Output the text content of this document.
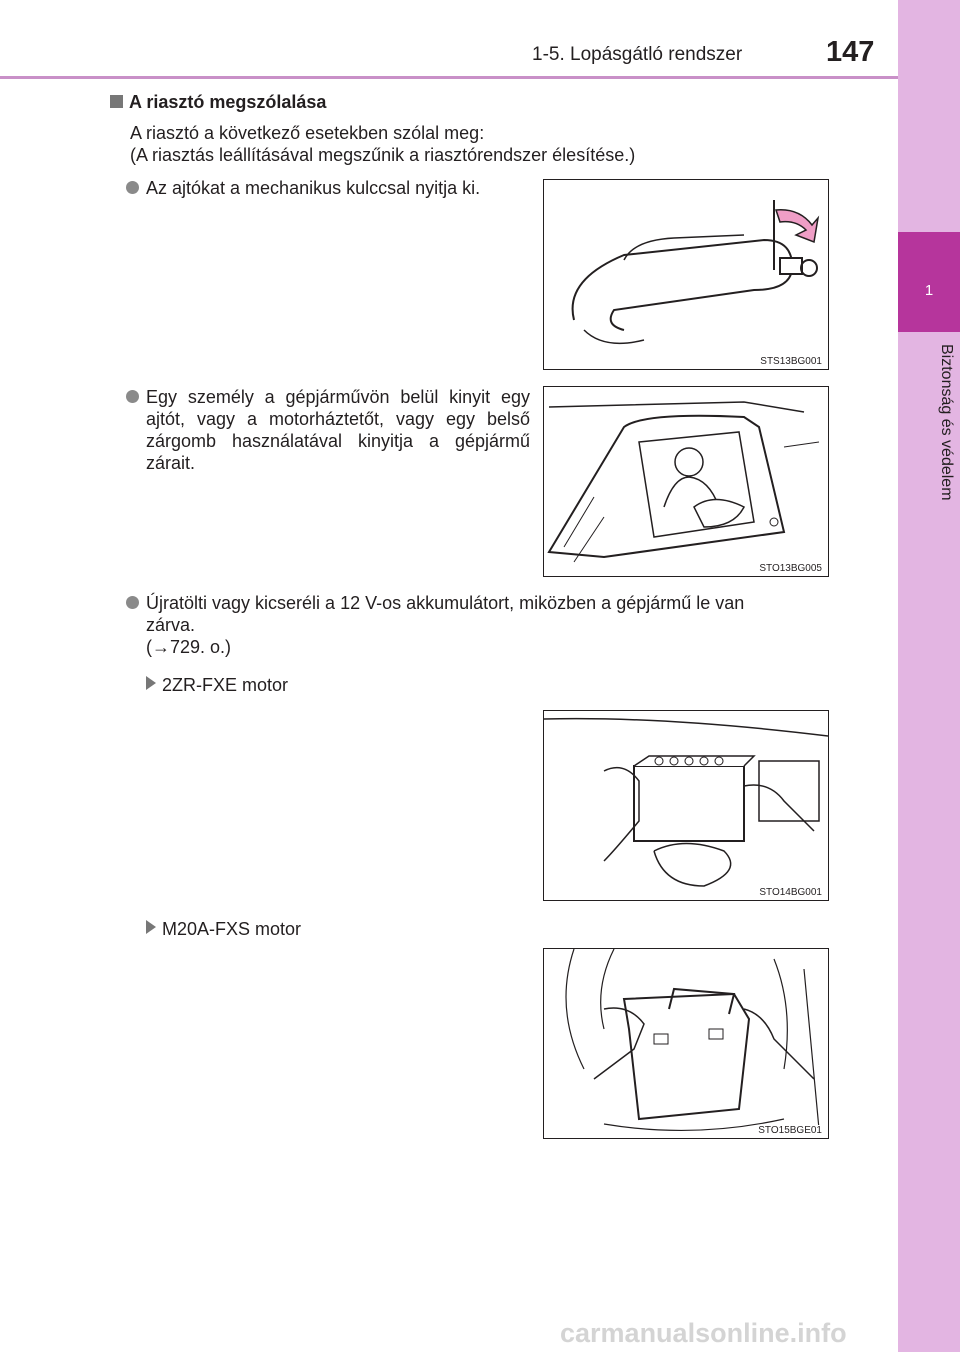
1-5. Lopásgátló rendszer	147
1
Biztonság és védelem
A riasztó megszólalása
A riasztó a következő esetekben szólal meg:
(A riasztás leállításával megszűnik a riasztórendszer élesítése.)
Az ajtókat a mechanikus kulccsal nyitja ki.
STS13BG001
Egy személy a gépjárművön belül kinyit egy ajtót, vagy a motorháztetőt, vagy egy belső zárgomb használatával kinyitja a gépjármű zárait.
STO13BG005
Újratölti vagy kicseréli a 12 V-os akkumulátort, miközben a gépjármű le van
zárva.
(→729. o.)
2ZR-FXE motor
STO14BG001
M20A-FXS motor
STO15BGE01
carmanualsonline.info
